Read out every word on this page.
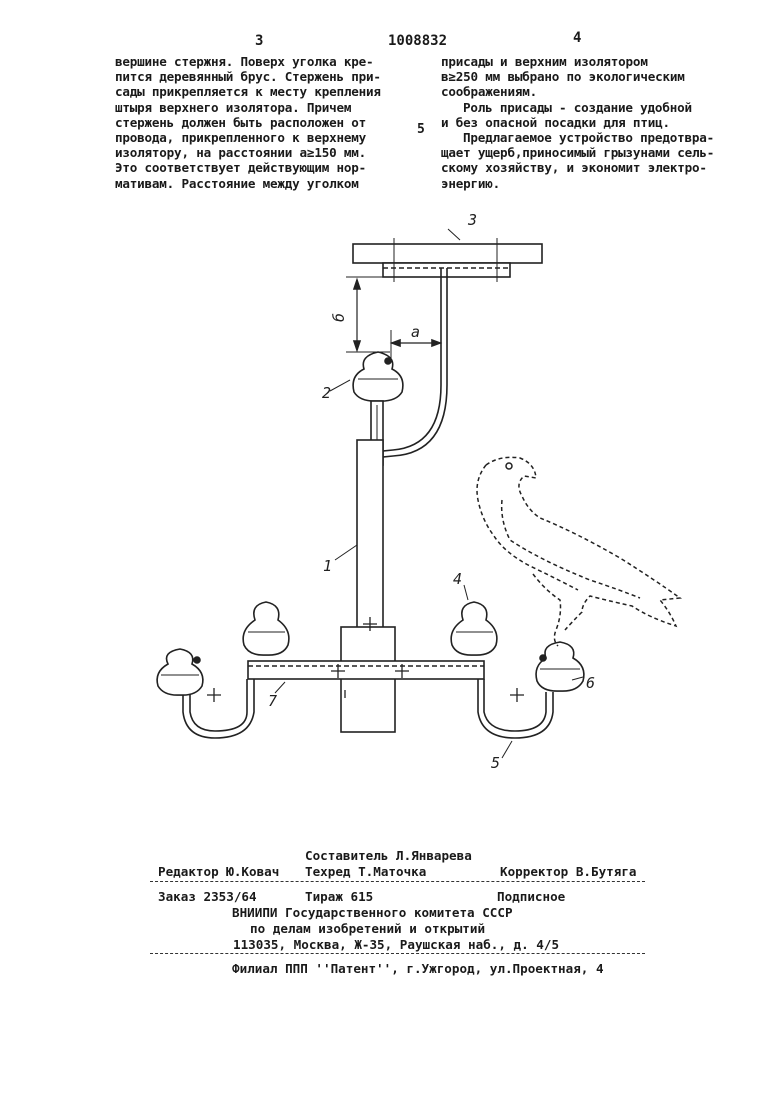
3	1008832	4
вершине стержня. Поверх уголка кре-
пится деревянный брус. Стержень при-
сады прикрепляется к месту крепления
штыря верхнего изолятора. Причем
стержень должен быть расположен от
провода, прикрепленного к верхнему
изолятору, на расстоянии a≥150 мм.
Это соответствует действующим нор-
мативам. Расстояние между уголком
5
присады и верхним изолятором
в≥250 мм выбрано по экологическим
соображениям.
Роль присады - создание удобной
и без опасной посадки для птиц.
Предлагаемое устройство предотвра-
щает ущерб,приносимый грызунами сель-
скому хозяйству, и экономит электро-
энергию.
3
2
1
4
6
7
5
a
б
Составитель Л.Январева
Редактор Ю.Ковач Техред Т.Маточка	Корректор В.Бутяга
Заказ 2353/64	Тираж 615	Подписное
ВНИИПИ Государственного комитета СССР
по делам изобретений и открытий
113035, Москва, Ж-35, Раушская наб., д. 4/5
Филиал ППП ''Патент'', г.Ужгород, ул.Проектная, 4
